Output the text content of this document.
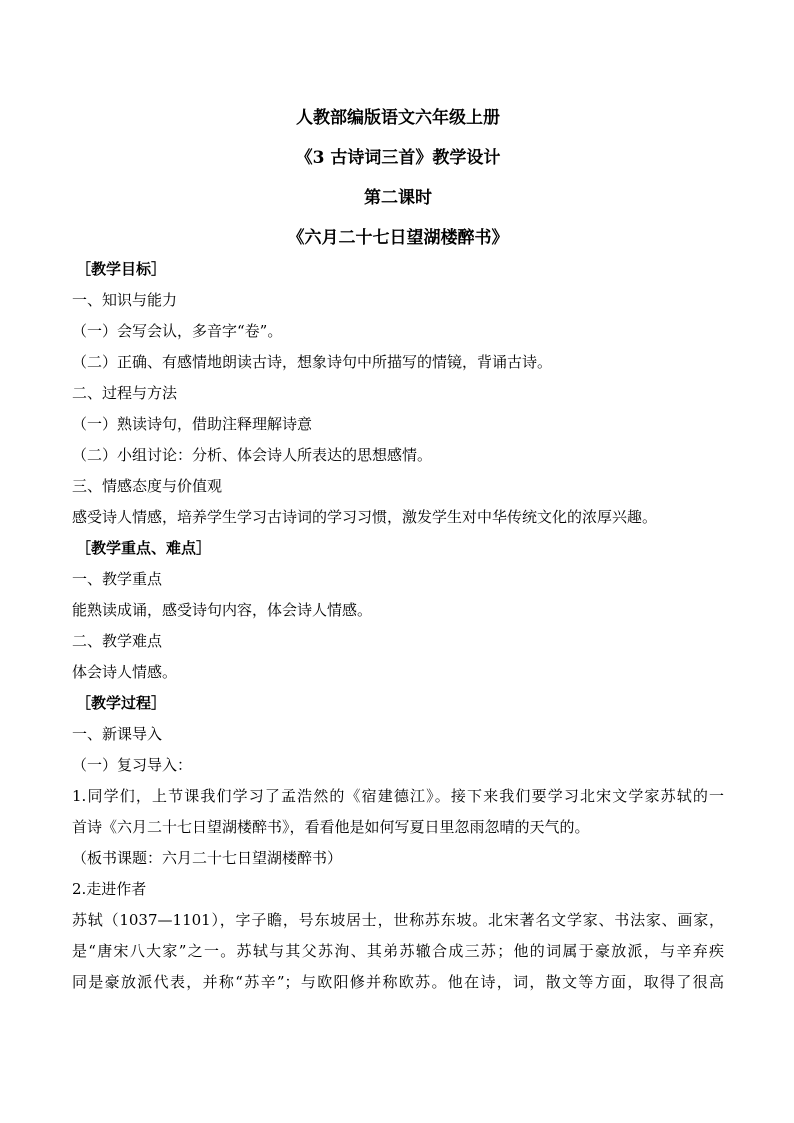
人教部编版语文六年级上册
《3 古诗词三首》教学设计
第二课时
《六月二十七日望湖楼醉书》
［教学目标］
一、知识与能力
（一）会写会认，多音字“卷”。
（二）正确、有感情地朗读古诗，想象诗句中所描写的情镜，背诵古诗。
二、过程与方法
（一）熟读诗句，借助注释理解诗意
（二）小组讨论：分析、体会诗人所表达的思想感情。
三、情感态度与价值观
感受诗人情感，培养学生学习古诗词的学习习惯，激发学生对中华传统文化的浓厚兴趣。
［教学重点、难点］
一、教学重点
能熟读成诵，感受诗句内容，体会诗人情感。
二、教学难点
体会诗人情感。
［教学过程］
一、新课导入
（一）复习导入：
1.同学们，上节课我们学习了孟浩然的《宿建德江》。接下来我们要学习北宋文学家苏轼的一
首诗《六月二十七日望湖楼醉书》，看看他是如何写夏日里忽雨忽晴的天气的。
（板书课题：六月二十七日望湖楼醉书）
2.走进作者
苏轼（1037—1101），字子瞻，号东坡居士，世称苏东坡。北宋著名文学家、书法家、画家，
是“唐宋八大家”之一。苏轼与其父苏洵、其弟苏辙合成三苏；他的词属于豪放派，与辛弃疾
同是豪放派代表，并称“苏辛”；与欧阳修并称欧苏。他在诗，词，散文等方面，取得了很高
